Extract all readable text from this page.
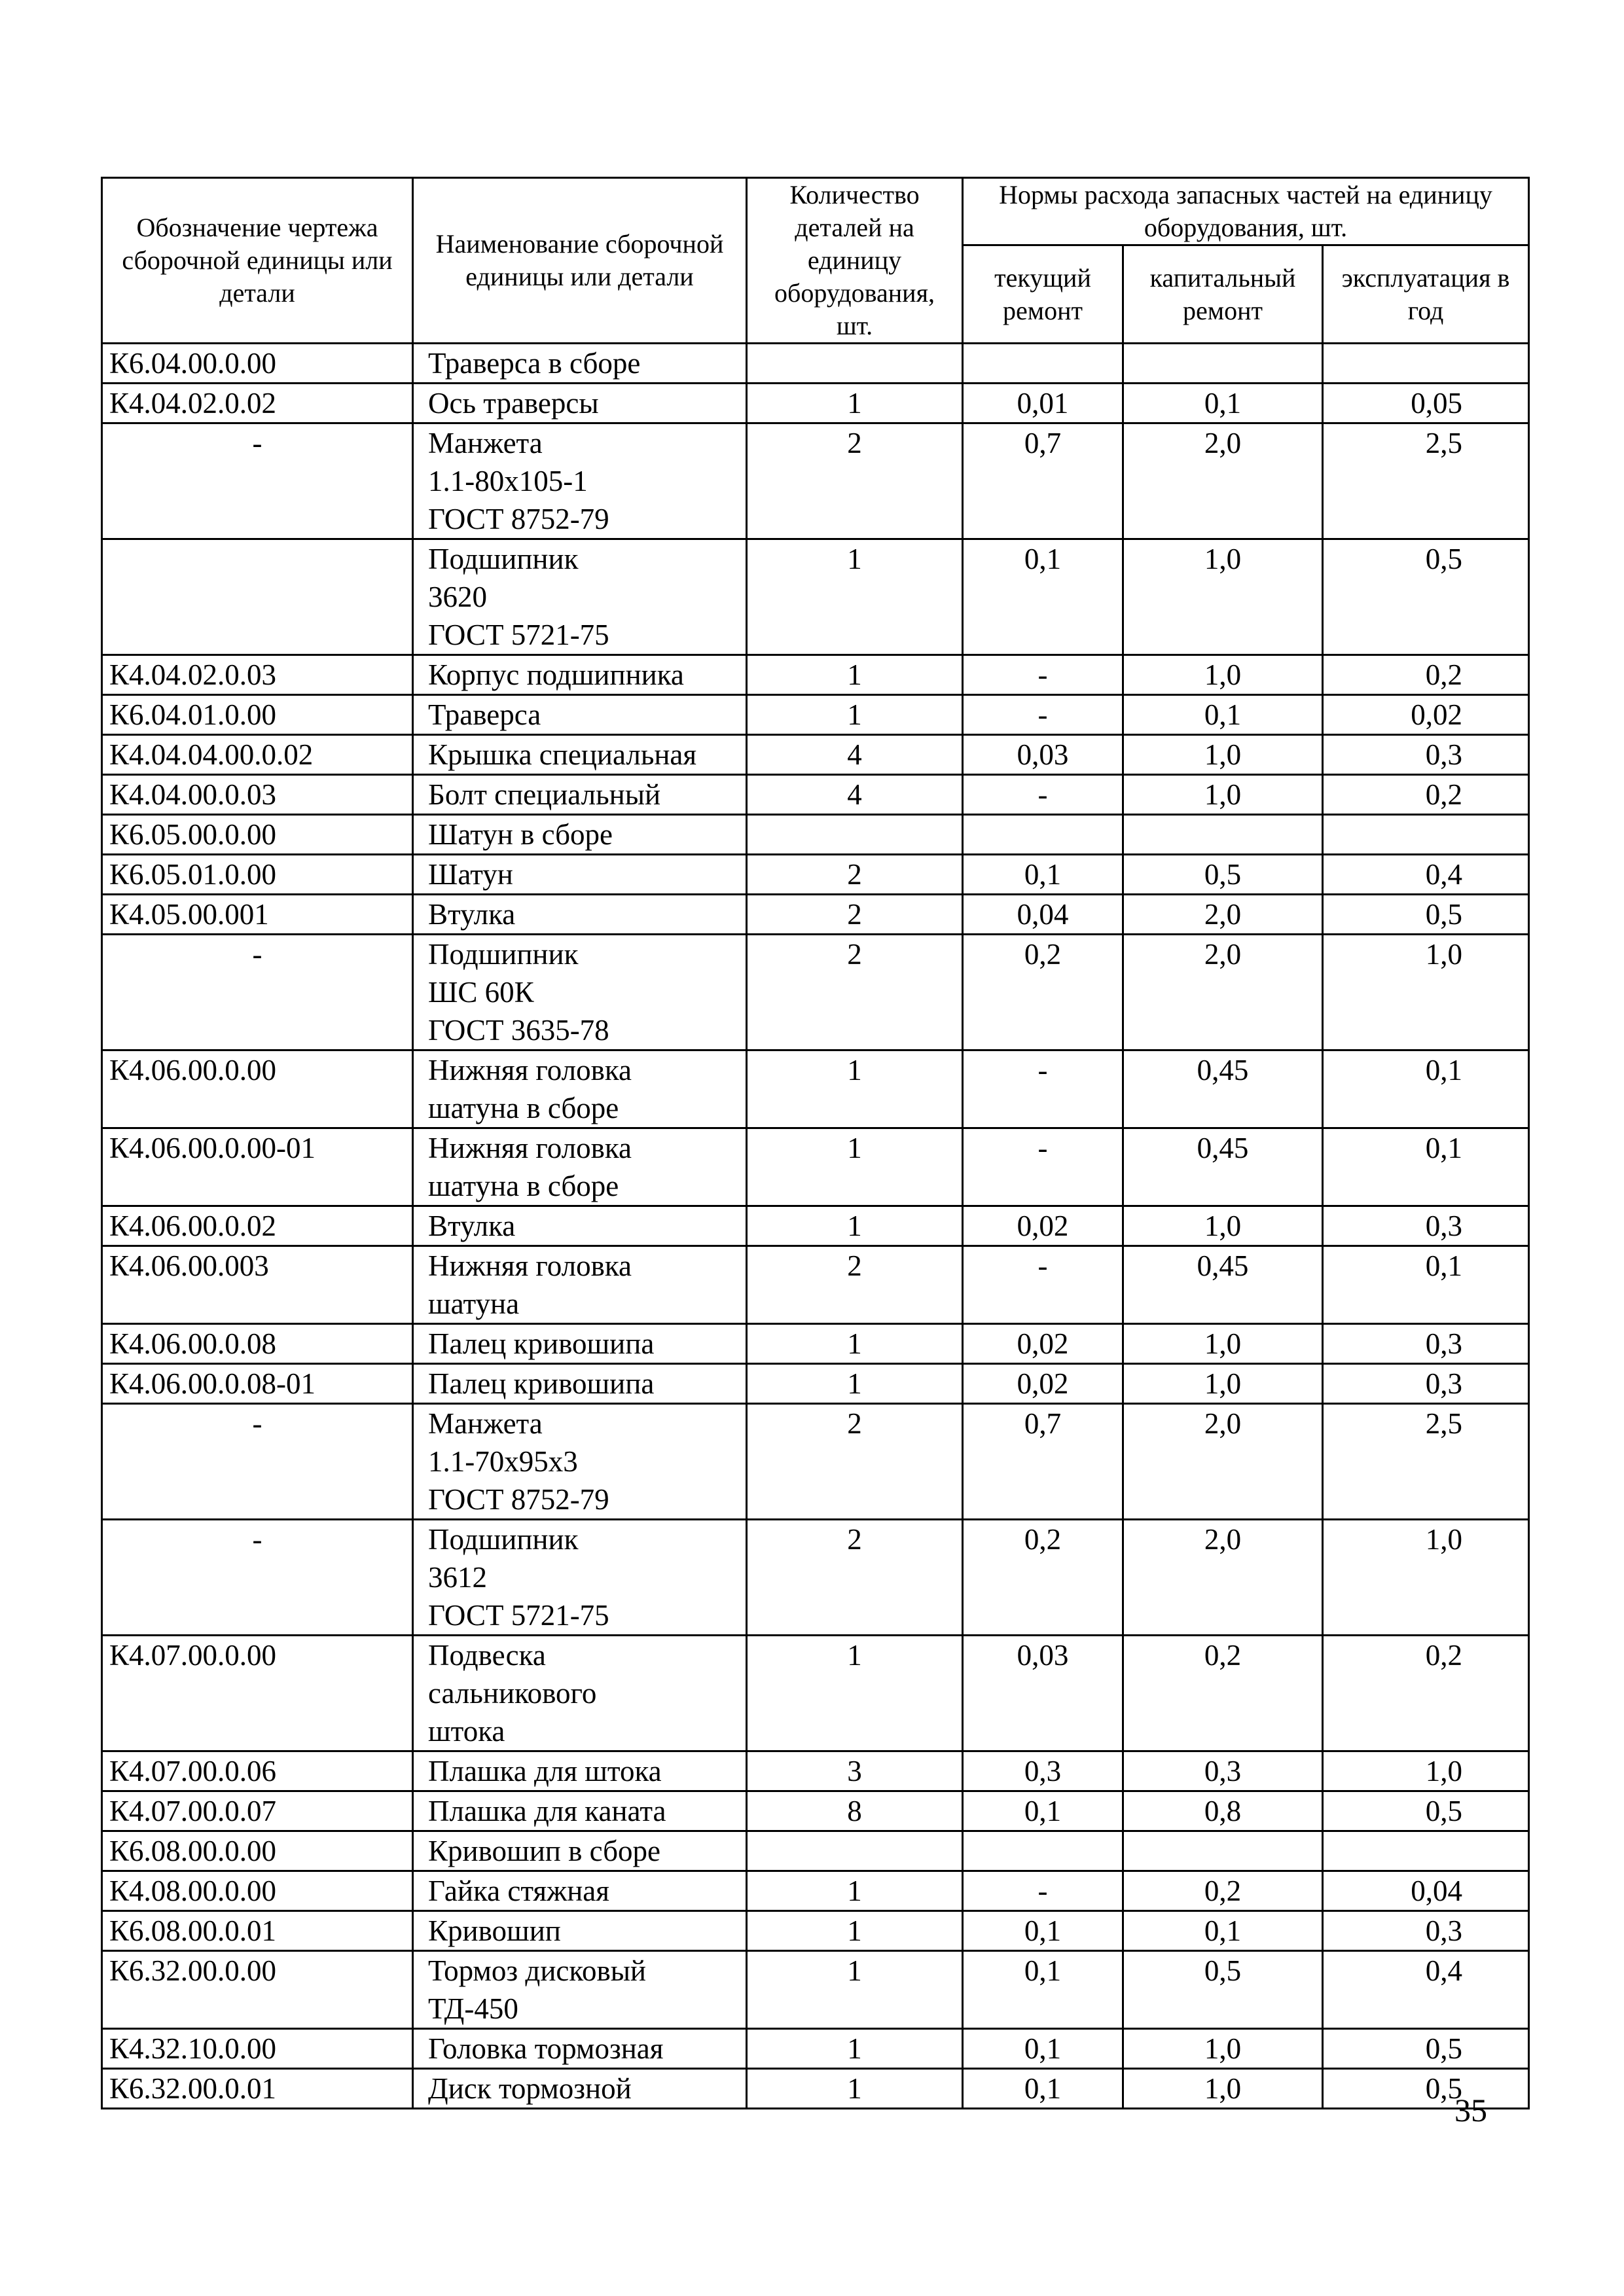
Обозначение чертежа сборочной единицы или детали	Наименование сборочной единицы или детали	Количество деталей на единицу оборудования, шт.	Нормы расхода запасных частей на единицу оборудования, шт.		
			текущий ремонт	капитальный ремонт	эксплуатация в год
К6.04.00.0.00	Траверса в сборе				

К4.04.02.0.02	Ось траверсы	1	0,01	0,1	0,05
-	Манжета
1.1-80х105-1
ГОСТ 8752-79	2	0,7	2,0	2,5

	Подшипник
3620
ГОСТ 5721-75	1	0,1	1,0	0,5
К4.04.02.0.03	Корпус подшипника	1	-	1,0	0,2
К6.04.01.0.00	Траверса	1	-	0,1	0,02
К4.04.04.00.0.02	Крышка специальная	4	0,03	1,0	0,3
К4.04.00.0.03	Болт специальный	4	-	1,0	0,2
К6.05.00.0.00	Шатун в сборе				

К6.05.01.0.00	Шатун	2	0,1	0,5	0,4
К4.05.00.001	Втулка	2	0,04	2,0	0,5
-	Подшипник
ШС 60К
ГОСТ 3635-78	2	0,2	2,0	1,0
К4.06.00.0.00	Нижняя головка
шатуна в сборе	1	-	0,45	0,1
К4.06.00.0.00-01	Нижняя головка
шатуна в сборе	1	-	0,45	0,1
К4.06.00.0.02	Втулка	1	0,02	1,0	0,3
К4.06.00.003	Нижняя головка
шатуна	2	-	0,45	0,1
К4.06.00.0.08	Палец кривошипа	1	0,02	1,0	0,3
К4.06.00.0.08-01	Палец кривошипа	1	0,02	1,0	0,3
-	Манжета
1.1-70х95х3
ГОСТ 8752-79	2	0,7	2,0	2,5
-	Подшипник
3612
ГОСТ 5721-75	2	0,2	2,0	1,0
К4.07.00.0.00	Подвеска
сальникового
штока	1	0,03	0,2	0,2
К4.07.00.0.06	Плашка для штока	3	0,3	0,3	1,0
К4.07.00.0.07	Плашка для каната	8	0,1	0,8	0,5
К6.08.00.0.00	Кривошип в сборе				

К4.08.00.0.00	Гайка стяжная	1	-	0,2	0,04
К6.08.00.0.01	Кривошип	1	0,1	0,1	0,3
К6.32.00.0.00	Тормоз дисковый
ТД-450	1	0,1	0,5	0,4
К4.32.10.0.00	Головка тормозная	1	0,1	1,0	0,5
К6.32.00.0.01	Диск тормозной	1	0,1	1,0	0,5
35
